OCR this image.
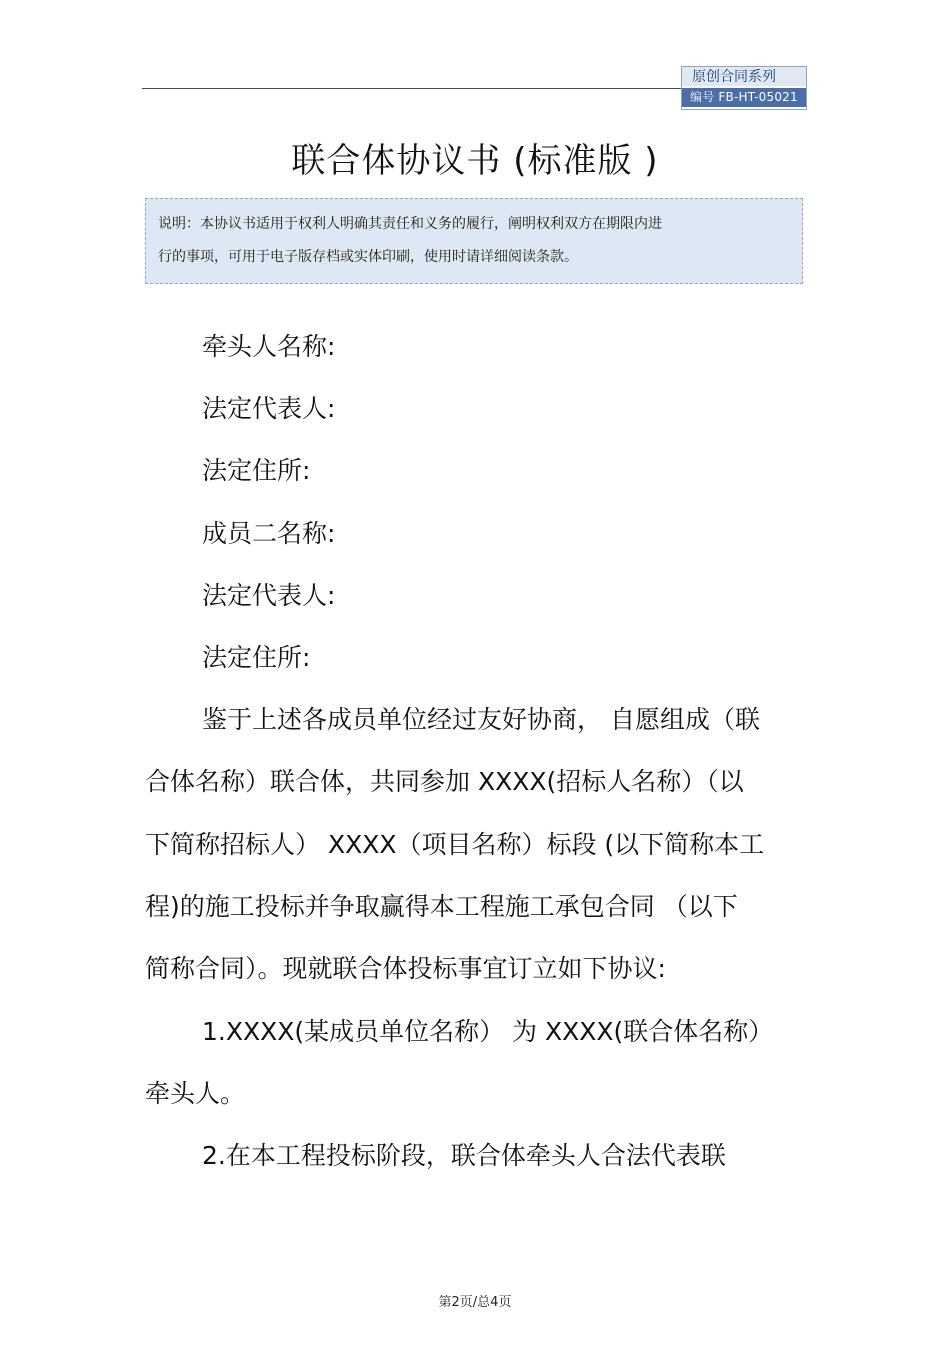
原创合同系列
编号 FB-HT-05021
联合体协议书 (标准版 )
说明：本协议书适用于权利人明确其责任和义务的履行，阐明权利双方在期限内进
行的事项，可用于电子版存档或实体印刷，使用时请详细阅读条款。
牵头人名称:
法定代表人:
法定住所:
成员二名称:
法定代表人:
法定住所:
鉴于上述各成员单位经过友好协商， 自愿组成（联
合体名称）联合体，共同参加 XXXX(招标人名称）（以
下简称招标人） XXXX（项目名称）标段 (以下简称本工
程)的施工投标并争取赢得本工程施工承包合同 （以下
简称合同）。现就联合体投标事宜订立如下协议:
1.XXXX(某成员单位名称） 为 XXXX(联合体名称）
牵头人。
2.在本工程投标阶段，联合体牵头人合法代表联
第2页/总4页
